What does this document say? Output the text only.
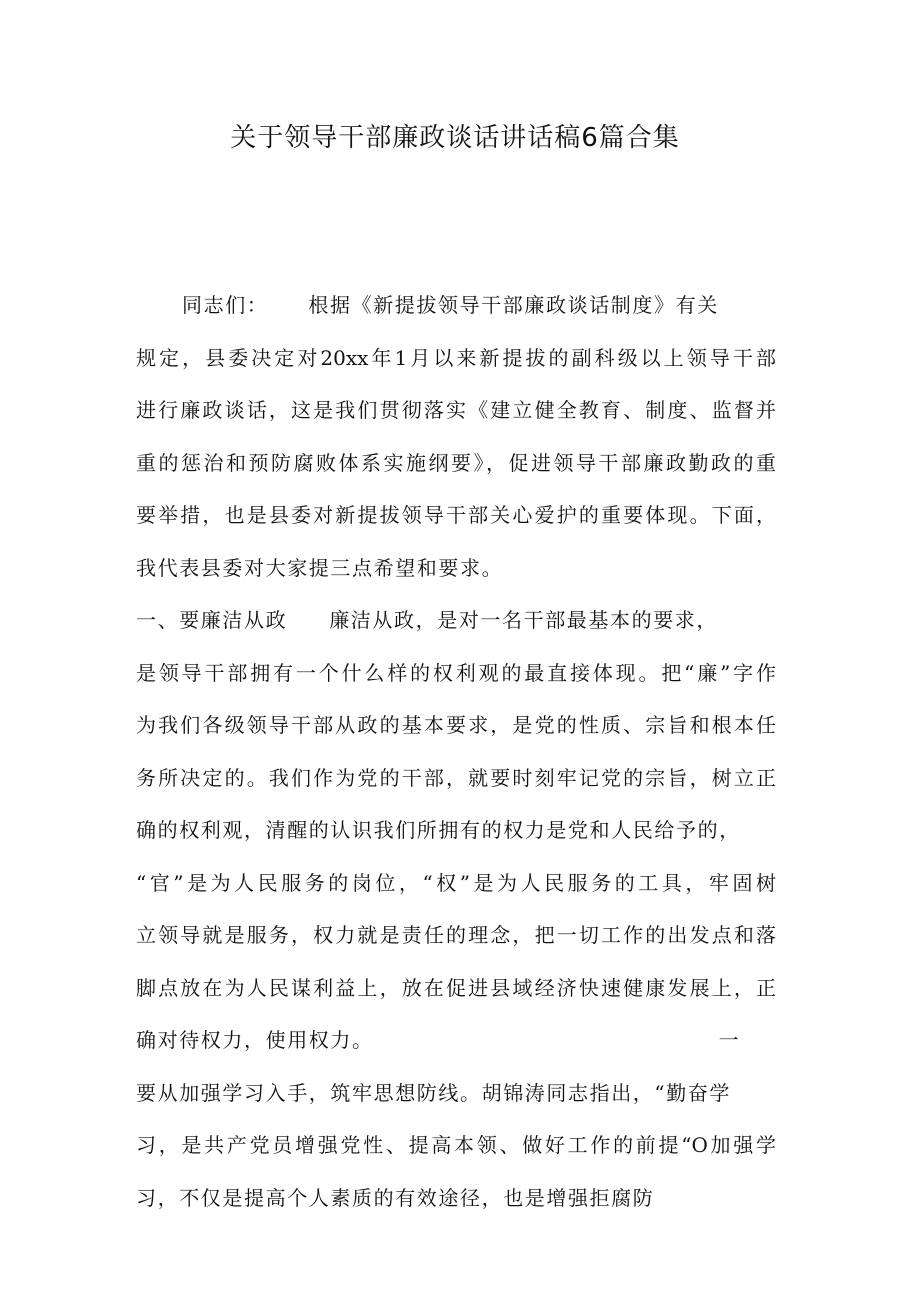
关于领导干部廉政谈话讲话稿6篇合集
同志们： 根据《新提拔领导干部廉政谈话制度》有关
规定，县委决定对20xx年1月以来新提拔的副科级以上领导干部
进行廉政谈话，这是我们贯彻落实《建立健全教育、制度、监督并
重的惩治和预防腐败体系实施纲要》，促进领导干部廉政勤政的重
要举措，也是县委对新提拔领导干部关心爱护的重要体现。下面，
我代表县委对大家提三点希望和要求。
一、要廉洁从政 廉洁从政，是对一名干部最基本的要求，
是领导干部拥有一个什么样的权利观的最直接体现。把“廉”字作
为我们各级领导干部从政的基本要求，是党的性质、宗旨和根本任
务所决定的。我们作为党的干部，就要时刻牢记党的宗旨，树立正
确的权利观，清醒的认识我们所拥有的权力是党和人民给予的，
“官”是为人民服务的岗位，“权”是为人民服务的工具，牢固树
立领导就是服务，权力就是责任的理念，把一切工作的出发点和落
脚点放在为人民谋利益上，放在促进县域经济快速健康发展上，正
确对待权力，使用权力。	一
要从加强学习入手，筑牢思想防线。胡锦涛同志指出，“勤奋学
习，是共产党员增强党性、提高本领、做好工作的前提“O加强学
习，不仅是提高个人素质的有效途径，也是增强拒腐防
